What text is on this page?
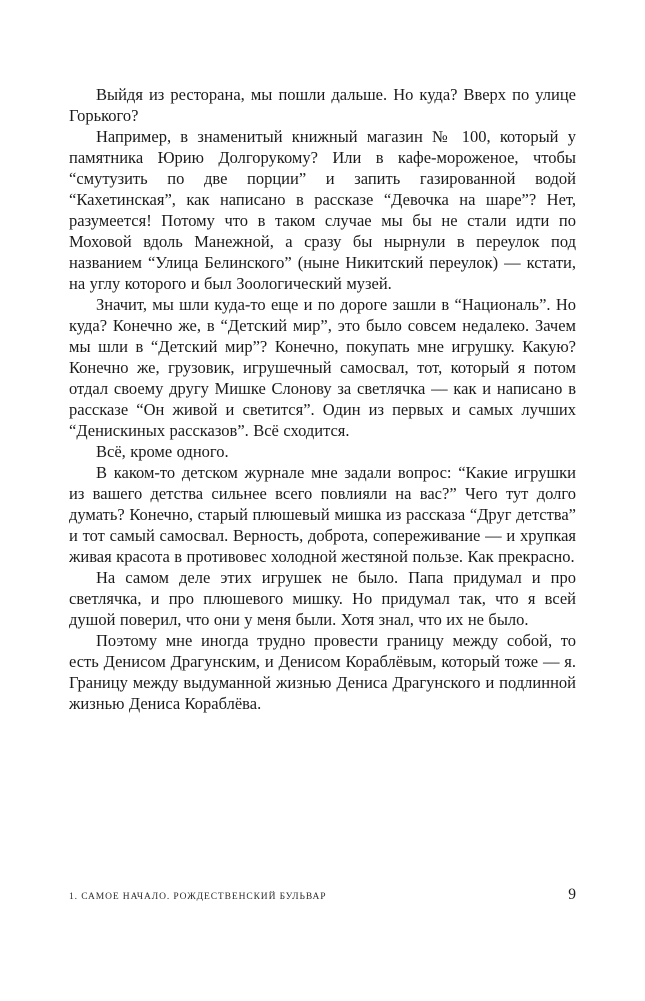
Выйдя из ресторана, мы пошли дальше. Но куда? Вверх по улице Горького?

Например, в знаменитый книжный магазин № 100, который у памятника Юрию Долгорукому? Или в кафе-мороженое, чтобы “смутузить по две порции” и запить газированной водой “Кахетинская”, как написано в рассказе “Девочка на шаре”? Нет, разумеется! Потому что в таком случае мы бы не стали идти по Моховой вдоль Манежной, а сразу бы нырнули в переулок под названием “Улица Белинского” (ныне Никитский переулок) — кстати, на углу которого и был Зоологический музей.

Значит, мы шли куда-то еще и по дороге зашли в “Националь”. Но куда? Конечно же, в “Детский мир”, это было совсем недалеко. Зачем мы шли в “Детский мир”? Конечно, покупать мне игрушку. Какую? Конечно же, грузовик, игрушечный самосвал, тот, который я потом отдал своему другу Мишке Слонову за светлячка — как и написано в рассказе “Он живой и светится”. Один из первых и самых лучших “Денискиных рассказов”. Всё сходится.

Всё, кроме одного.

В каком-то детском журнале мне задали вопрос: “Какие игрушки из вашего детства сильнее всего повлияли на вас?” Чего тут долго думать? Конечно, старый плюшевый мишка из рассказа “Друг детства” и тот самый самосвал. Верность, доброта, сопереживание — и хрупкая живая красота в противовес холодной жестяной пользе. Как прекрасно.

На самом деле этих игрушек не было. Папа придумал и про светлячка, и про плюшевого мишку. Но придумал так, что я всей душой поверил, что они у меня были. Хотя знал, что их не было.

Поэтому мне иногда трудно провести границу между собой, то есть Денисом Драгунским, и Денисом Кораблёвым, который тоже — я. Границу между выдуманной жизнью Дениса Драгунского и подлинной жизнью Дениса Кораблёва.

1. САМОЕ НАЧАЛО. РОЖДЕСТВЕНСКИЙ БУЛЬВАР	9
